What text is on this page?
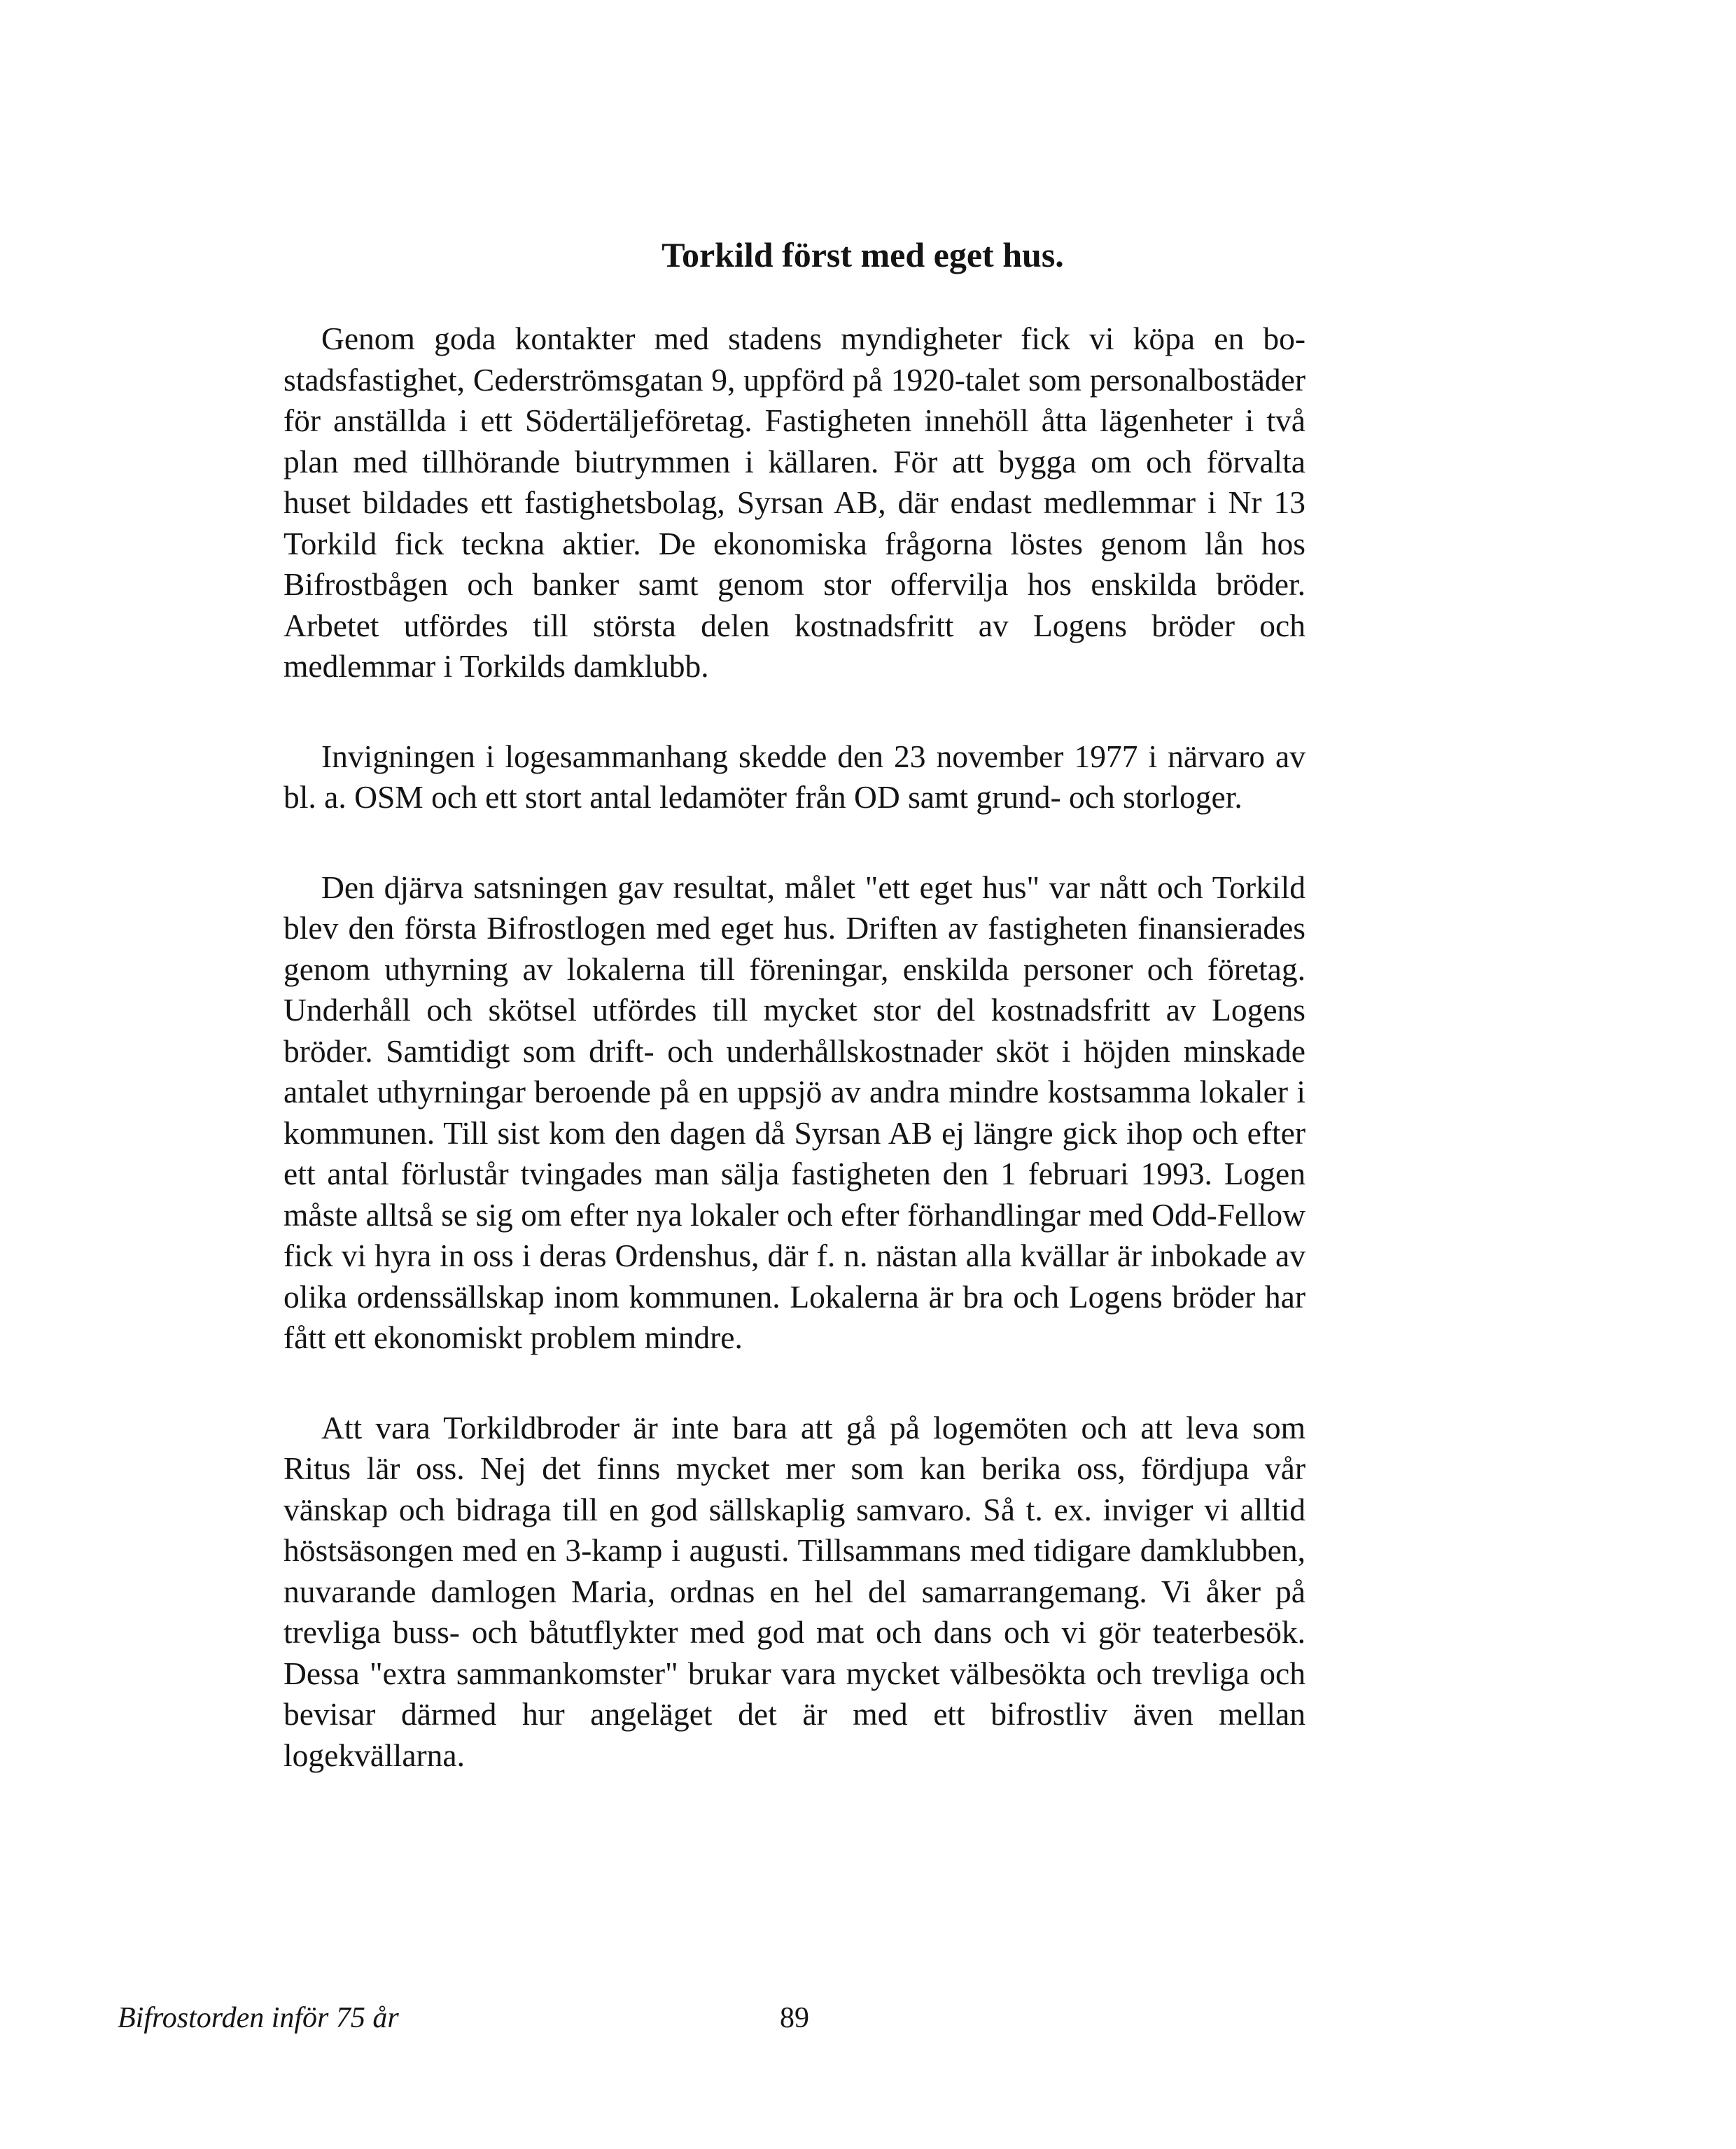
Torkild först med eget hus.

Genom goda kontakter med stadens myndigheter fick vi köpa en bostadsfastighet, Cederströmsgatan 9, uppförd på 1920-talet som personalbostäder för anställda i ett Södertäljeföretag. Fastigheten innehöll åtta lägenheter i två plan med tillhörande biutrymmen i källaren. För att bygga om och förvalta huset bildades ett fastighetsbolag, Syrsan AB, där endast medlemmar i Nr 13 Torkild fick teckna aktier. De ekonomiska frågorna löstes genom lån hos Bifrostbågen och banker samt genom stor offervilja hos enskilda bröder. Arbetet utfördes till största delen kostnadsfritt av Logens bröder och medlemmar i Torkilds damklubb.

Invigningen i logesammanhang skedde den 23 november 1977 i närvaro av bl. a. OSM och ett stort antal ledamöter från OD samt grund- och storloger.

Den djärva satsningen gav resultat, målet "ett eget hus" var nått och Torkild blev den första Bifrostlogen med eget hus. Driften av fastigheten finansierades genom uthyrning av lokalerna till föreningar, enskilda personer och företag. Underhåll och skötsel utfördes till mycket stor del kostnadsfritt av Logens bröder. Samtidigt som drift- och underhållskostnader sköt i höjden minskade antalet uthyrningar beroende på en uppsjö av andra mindre kostsamma lokaler i kommunen. Till sist kom den dagen då Syrsan AB ej längre gick ihop och efter ett antal förlustår tvingades man sälja fastigheten den 1 februari 1993. Logen måste alltså se sig om efter nya lokaler och efter förhandlingar med Odd-Fellow fick vi hyra in oss i deras Ordenshus, där f. n. nästan alla kvällar är inbokade av olika ordenssällskap inom kommunen. Lokalerna är bra och Logens bröder har fått ett ekonomiskt problem mindre.

Att vara Torkildbroder är inte bara att gå på logemöten och att leva som Ritus lär oss. Nej det finns mycket mer som kan berika oss, fördjupa vår vänskap och bidraga till en god sällskaplig samvaro. Så t. ex. inviger vi alltid höstsäsongen med en 3-kamp i augusti. Tillsammans med tidigare damklubben, nuvarande damlogen Maria, ordnas en hel del samarrangemang. Vi åker på trevliga buss- och båtutflykter med god mat och dans och vi gör teaterbesök. Dessa "extra sammankomster" brukar vara mycket välbesökta och trevliga och bevisar därmed hur angeläget det är med ett bifrostliv även mellan logekvällarna.

Bifrostorden inför 75 år	89
